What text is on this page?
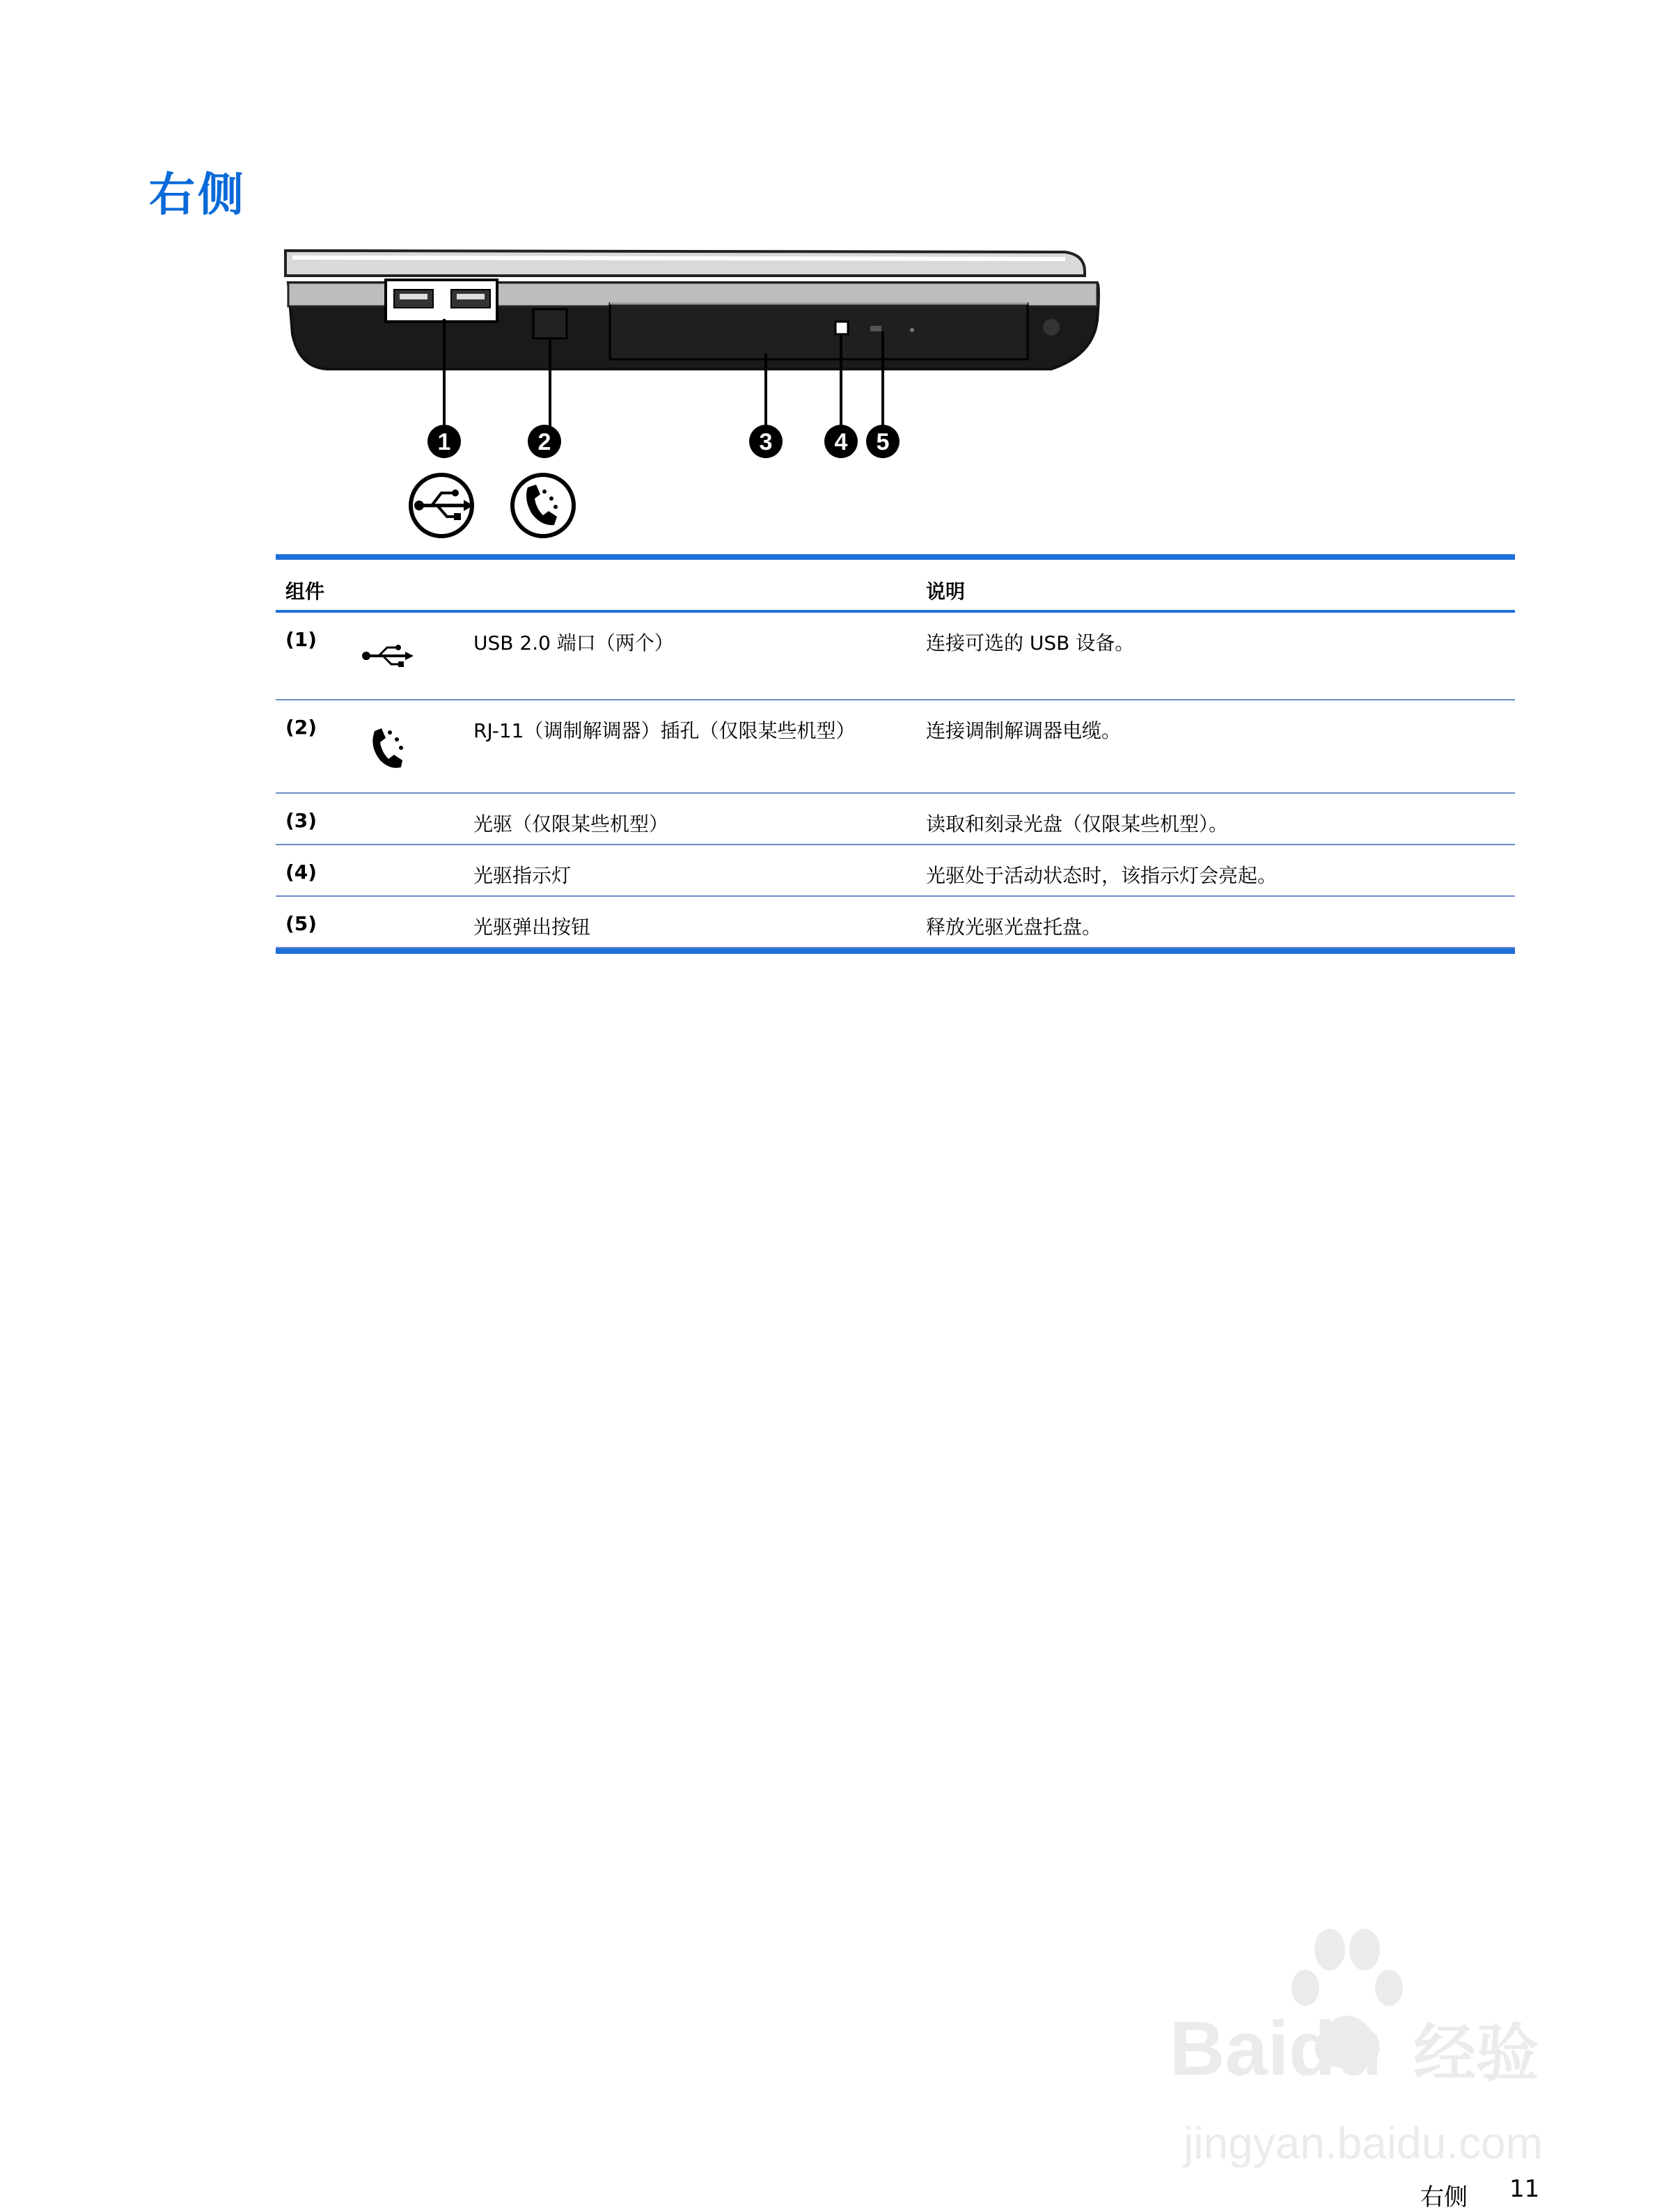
右侧
1	2	3	4 5
组件	说明
(1)	USB 2.0 端口（两个）	连接可选的 USB 设备。
(2)	RJ-11（调制解调器）插孔（仅限某些机型）	连接调制解调器电缆。
(3)	光驱（仅限某些机型）	读取和刻录光盘（仅限某些机型）。
(4)	光驱指示灯	光驱处于活动状态时，该指示灯会亮起。
(5)	光驱弹出按钮	释放光驱光盘托盘。
Baidu 经验
jingyan.baidu.com
右侧 11
